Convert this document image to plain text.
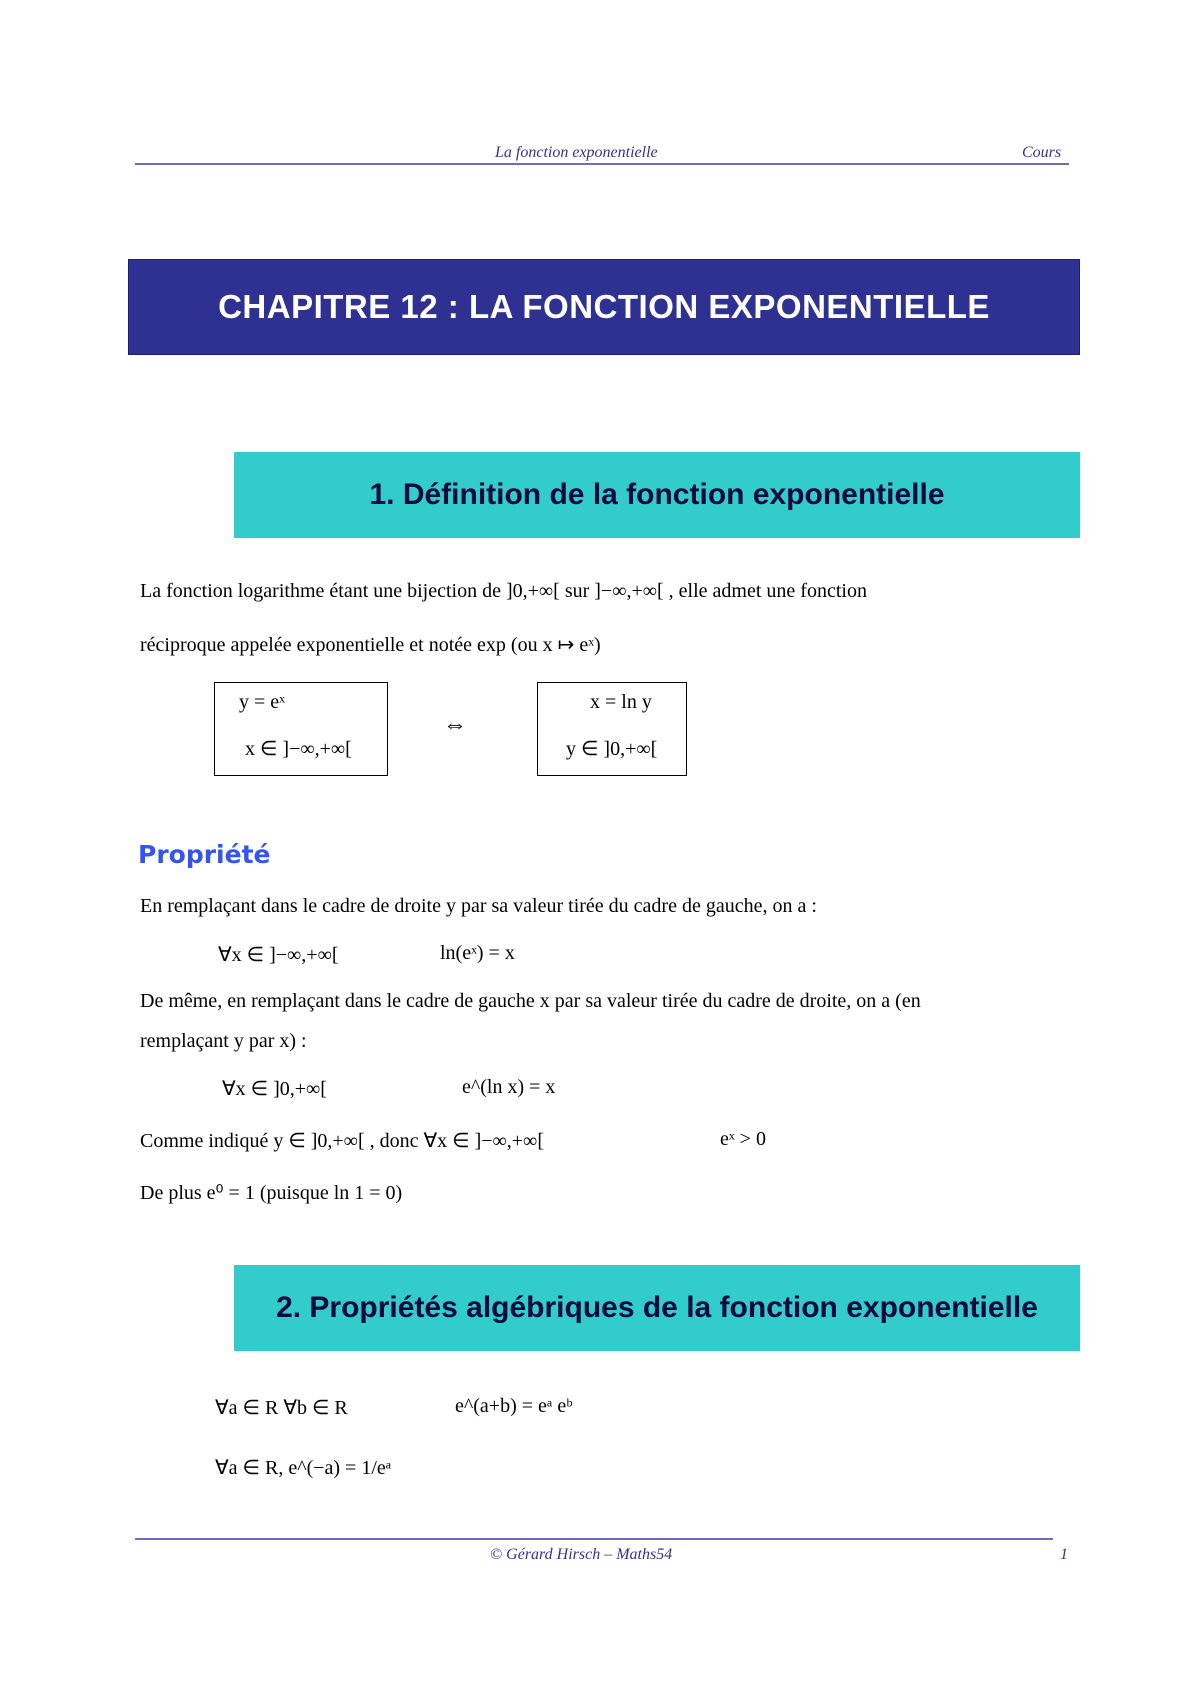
La fonction exponentielle	Cours
CHAPITRE 12 : LA FONCTION EXPONENTIELLE
1. Définition de la fonction exponentielle
La fonction logarithme étant une bijection de ]0,+∞[ sur ]−∞,+∞[ , elle admet une fonction
réciproque appelée exponentielle et notée exp (ou x ↦ eˣ)
y = eˣ
x ∈ ]−∞,+∞[
⇔
x = ln y
y ∈ ]0,+∞[
Propriété
En remplaçant dans le cadre de droite y par sa valeur tirée du cadre de gauche, on a :
∀x ∈ ]−∞,+∞[	ln(eˣ) = x
De même, en remplaçant dans le cadre de gauche x par sa valeur tirée du cadre de droite, on a (en
remplaçant y par x) :
∀x ∈ ]0,+∞[	e^(ln x) = x
Comme indiqué y ∈ ]0,+∞[ , donc ∀x ∈ ]−∞,+∞[	eˣ > 0
De plus e⁰ = 1 (puisque ln 1 = 0)
2. Propriétés algébriques de la fonction exponentielle
∀a ∈ R ∀b ∈ R	e^(a+b) = eᵃ eᵇ
∀a ∈ R, e^(−a) = 1/eᵃ
© Gérard Hirsch – Maths54	1
